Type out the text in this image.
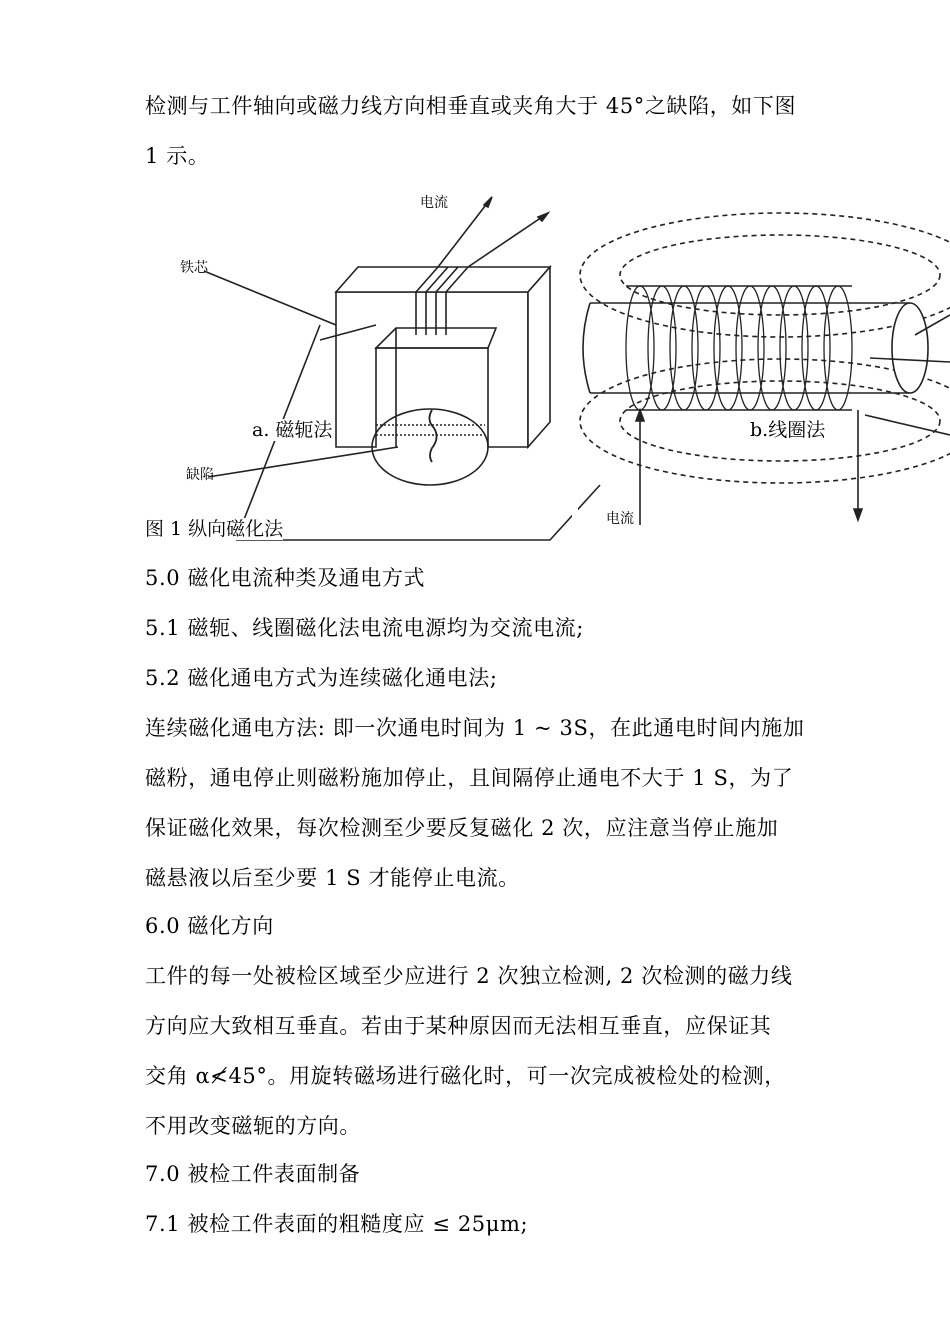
检测与工件轴向或磁力线方向相垂直或夹角大于 45°之缺陷，如下图
1 示。
电流
铁芯
缺陷
电流
a. 磁轭法	b.线圈法
图 1 纵向磁化法
5.0 磁化电流种类及通电方式
5.1 磁轭、线圈磁化法电流电源均为交流电流;
5.2 磁化通电方式为连续磁化通电法;
连续磁化通电方法: 即一次通电时间为 1 ~ 3S，在此通电时间内施加
磁粉，通电停止则磁粉施加停止，且间隔停止通电不大于 1 S，为了
保证磁化效果，每次检测至少要反复磁化 2 次，应注意当停止施加
磁悬液以后至少要 1 S 才能停止电流。
6.0 磁化方向
工件的每一处被检区域至少应进行 2 次独立检测, 2 次检测的磁力线
方向应大致相互垂直。若由于某种原因而无法相互垂直，应保证其
交角 α≮45°。用旋转磁场进行磁化时，可一次完成被检处的检测，
不用改变磁轭的方向。
7.0 被检工件表面制备
7.1 被检工件表面的粗糙度应 ≤ 25μm;
